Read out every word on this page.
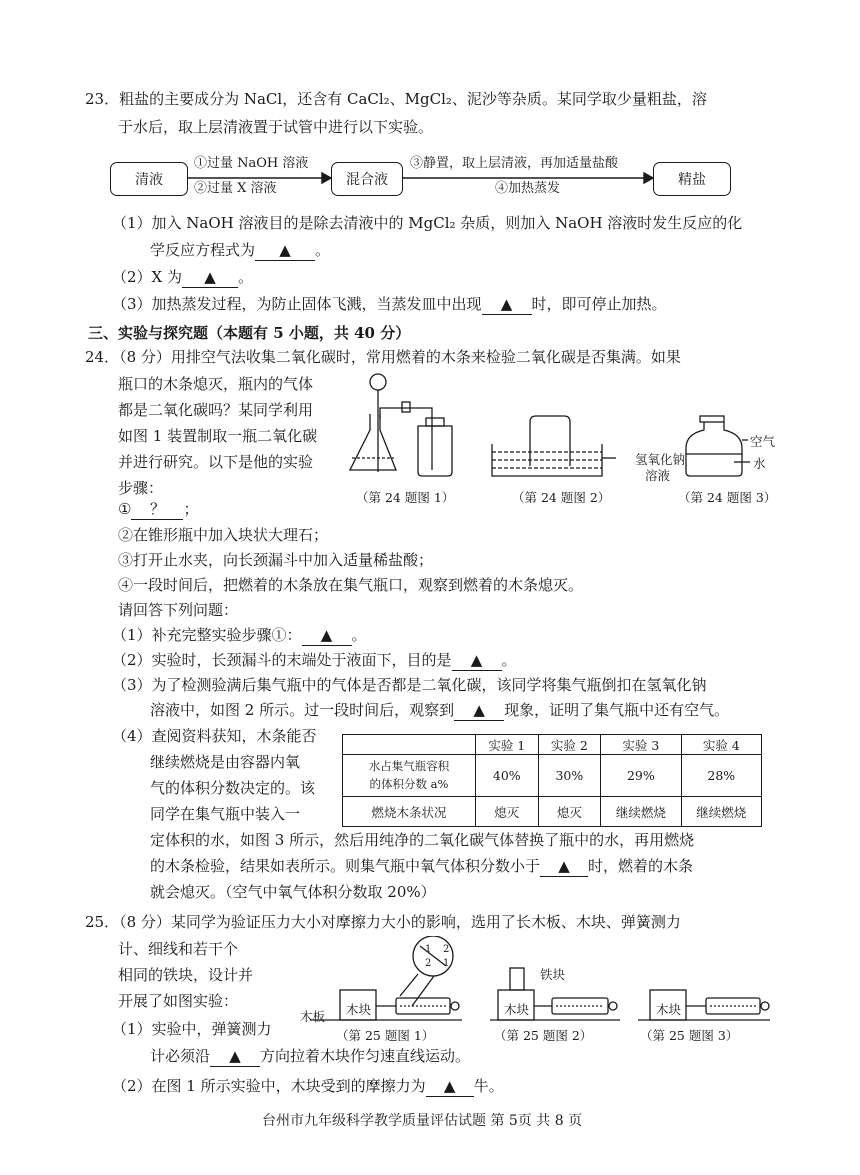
23．粗盐的主要成分为 NaCl，还含有 CaCl₂、MgCl₂、泥沙等杂质。某同学取少量粗盐，溶
于水后，取上层清液置于试管中进行以下实验。
清液
①过量 NaOH 溶液
②过量 X 溶液
混合液
③静置，取上层清液，再加适量盐酸
④加热蒸发
精盐
（1）加入 NaOH 溶液目的是除去清液中的 MgCl₂ 杂质，则加入 NaOH 溶液时发生反应的化
学反应方程式为 ▲ 。
（2）X 为 ▲ 。
（3）加热蒸发过程，为防止固体飞溅，当蒸发皿中出现 ▲ 时，即可停止加热。
三、实验与探究题（本题有 5 小题，共 40 分）
24．（8 分）用排空气法收集二氧化碳时，常用燃着的木条来检验二氧化碳是否集满。如果
瓶口的木条熄灭，瓶内的气体
都是二氧化碳吗？某同学利用
如图 1 装置制取一瓶二氧化碳
并进行研究。以下是他的实验
步骤：
① ？ ；
②在锥形瓶中加入块状大理石；
③打开止水夹，向长颈漏斗中加入适量稀盐酸；
④一段时间后，把燃着的木条放在集气瓶口，观察到燃着的木条熄灭。
请回答下列问题：
（1）补充完整实验步骤①： ▲ 。
（2）实验时，长颈漏斗的末端处于液面下，目的是 ▲ 。
（3）为了检测验满后集气瓶中的气体是否都是二氧化碳，该同学将集气瓶倒扣在氢氧化钠
溶液中，如图 2 所示。过一段时间后，观察到 ▲ 现象，证明了集气瓶中还有空气。
（4）查阅资料获知，木条能否
继续燃烧是由容器内氧
气的体积分数决定的。该
同学在集气瓶中装入一
定体积的水，如图 3 所示，然后用纯净的二氧化碳气体替换了瓶中的水，再用燃烧
的木条检验，结果如表所示。则集气瓶中氧气体积分数小于 ▲ 时，燃着的木条
就会熄灭。（空气中氧气体积分数取 20%）
	实验 1	实验 2	实验 3	实验 4
水占集气瓶容积
的体积分数 a%	40%	30%	29%	28%
燃烧木条状况	熄灭	熄灭	继续燃烧	继续燃烧
氢氧化钠
溶液
空气
水
（第 24 题图 1）	（第 24 题图 2）	（第 24 题图 3）
25．（8 分）某同学为验证压力大小对摩擦力大小的影响，选用了长木板、木块、弹簧测力
计、细线和若干个
相同的铁块，设计并
开展了如图实验：
（1）实验中，弹簧测力
计必须沿 ▲ 方向拉着木块作匀速直线运动。
（2）在图 1 所示实验中，木块受到的摩擦力为 ▲ 牛。
1
2
2
1
木块	木块	木块
木板
铁块
（第 25 题图 1）	（第 25 题图 2）	（第 25 题图 3）
台州市九年级科学教学质量评估试题 第 5页 共 8 页
